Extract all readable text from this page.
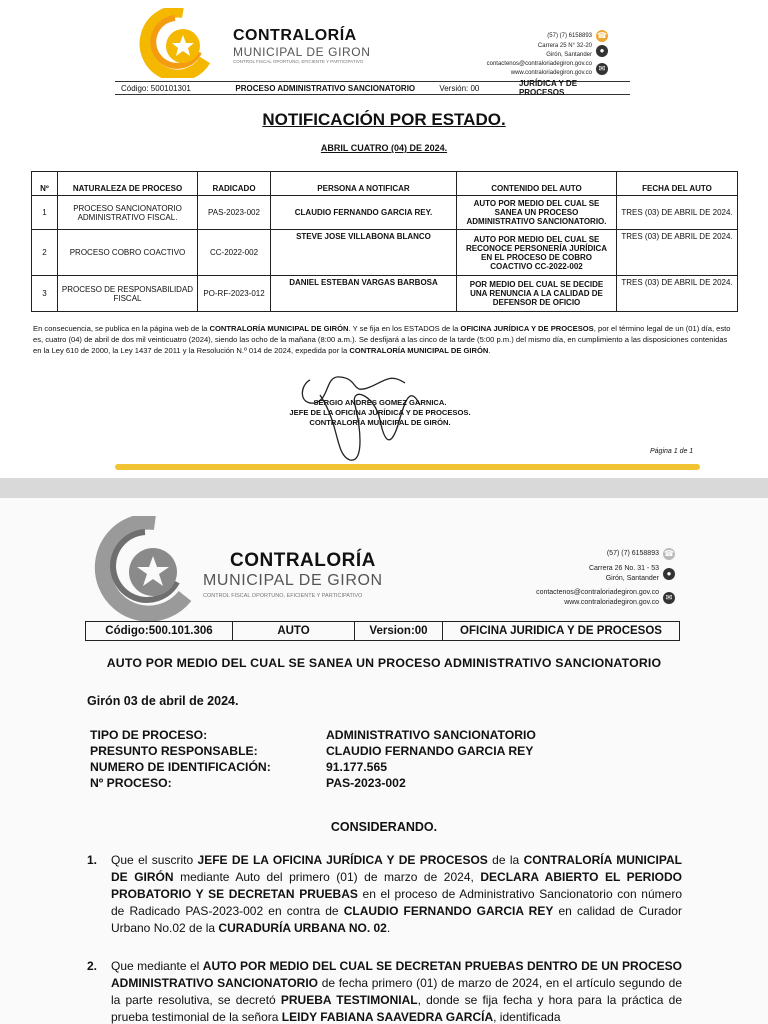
CONTRALORÍA
MUNICIPAL DE GIRON
CONTROL FISCAL OPORTUNO, EFICIENTE Y PARTICIPATIVO
(57) (7) 6158893 ☎
Carrera 25 N° 32-20
Girón, Santander ●
contactenos@contraloriadegiron.gov.co
www.contraloriadegiron.gov.co ✉
Código: 500101301	PROCESO ADMINISTRATIVO SANCIONATORIO	Versión: 00	JURÍDICA Y DE PROCESOS
NOTIFICACIÓN POR ESTADO.
ABRIL CUATRO (04) DE 2024.
Nº	NATURALEZA DE PROCESO	RADICADO	PERSONA A NOTIFICAR	CONTENIDO DEL AUTO	FECHA DEL AUTO
1	PROCESO SANCIONATORIO ADMINISTRATIVO FISCAL.	PAS-2023-002	CLAUDIO FERNANDO GARCIA REY.	AUTO POR MEDIO DEL CUAL SE SANEA UN PROCESO ADMINISTRATIVO SANCIONATORIO.	TRES (03) DE ABRIL DE 2024.
2	PROCESO COBRO COACTIVO	CC-2022-002	STEVE JOSE VILLABONA BLANCO	AUTO POR MEDIO DEL CUAL SE RECONOCE PERSONERÍA JURÍDICA EN EL PROCESO DE COBRO COACTIVO CC-2022-002	TRES (03) DE ABRIL DE 2024.
3	PROCESO DE RESPONSABILIDAD FISCAL	PO-RF-2023-012	DANIEL ESTEBAN VARGAS BARBOSA	POR MEDIO DEL CUAL SE DECIDE UNA RENUNCIA A LA CALIDAD DE DEFENSOR DE OFICIO	TRES (03) DE ABRIL DE 2024.
En consecuencia, se publica en la página web de la CONTRALORÍA MUNICIPAL DE GIRÓN. Y se fija en los ESTADOS de la OFICINA JURÍDICA Y DE PROCESOS, por el término legal de un (01) día, esto es, cuatro (04) de abril de dos mil veinticuatro (2024), siendo las ocho de la mañana (8:00 a.m.). Se desfijará a las cinco de la tarde (5:00 p.m.) del mismo día, en cumplimiento a las disposiciones contenidas en la Ley 610 de 2000, la Ley 1437 de 2011 y la Resolución N.º 014 de 2024, expedida por la CONTRALORÍA MUNICIPAL DE GIRÓN.
SERGIO ANDRES GOMEZ GARNICA.
JEFE DE LA OFICINA JURÍDICA Y DE PROCESOS.
CONTRALORÍA MUNICIPAL DE GIRÓN.
Página 1 de 1
CONTRALORÍA
MUNICIPAL DE GIRON
CONTROL FISCAL OPORTUNO, EFICIENTE Y PARTICIPATIVO
(57) (7) 6158893 ☎
Carrera 26 No. 31 - 53
Girón, Santander
●
contactenos@contraloriadegiron.gov.co
www.contraloriadegiron.gov.co
✉
Código:500.101.306	AUTO	Version:00	OFICINA JURIDICA Y DE PROCESOS
AUTO POR MEDIO DEL CUAL SE SANEA UN PROCESO ADMINISTRATIVO SANCIONATORIO
Girón 03 de abril de 2024.
TIPO DE PROCESO:	ADMINISTRATIVO SANCIONATORIO
PRESUNTO RESPONSABLE:	CLAUDIO FERNANDO GARCIA REY
NUMERO DE IDENTIFICACIÓN:	91.177.565
Nº PROCESO:	PAS-2023-002
CONSIDERANDO.
1.	Que el suscrito JEFE DE LA OFICINA JURÍDICA Y DE PROCESOS de la CONTRALORÍA MUNICIPAL DE GIRÓN mediante Auto del primero (01) de marzo de 2024, DECLARA ABIERTO EL PERIODO PROBATORIO Y SE DECRETAN PRUEBAS en el proceso de Administrativo Sancionatorio con número de Radicado PAS-2023-002 en contra de CLAUDIO FERNANDO GARCIA REY en calidad de Curador Urbano No.02 de la CURADURÍA URBANA NO. 02.
2.	Que mediante el AUTO POR MEDIO DEL CUAL SE DECRETAN PRUEBAS DENTRO DE UN PROCESO ADMINISTRATIVO SANCIONATORIO de fecha primero (01) de marzo de 2024, en el artículo segundo de la parte resolutiva, se decretó PRUEBA TESTIMONIAL, donde se fija fecha y hora para la práctica de prueba testimonial de la señora LEIDY FABIANA SAAVEDRA GARCÍA, identificada
